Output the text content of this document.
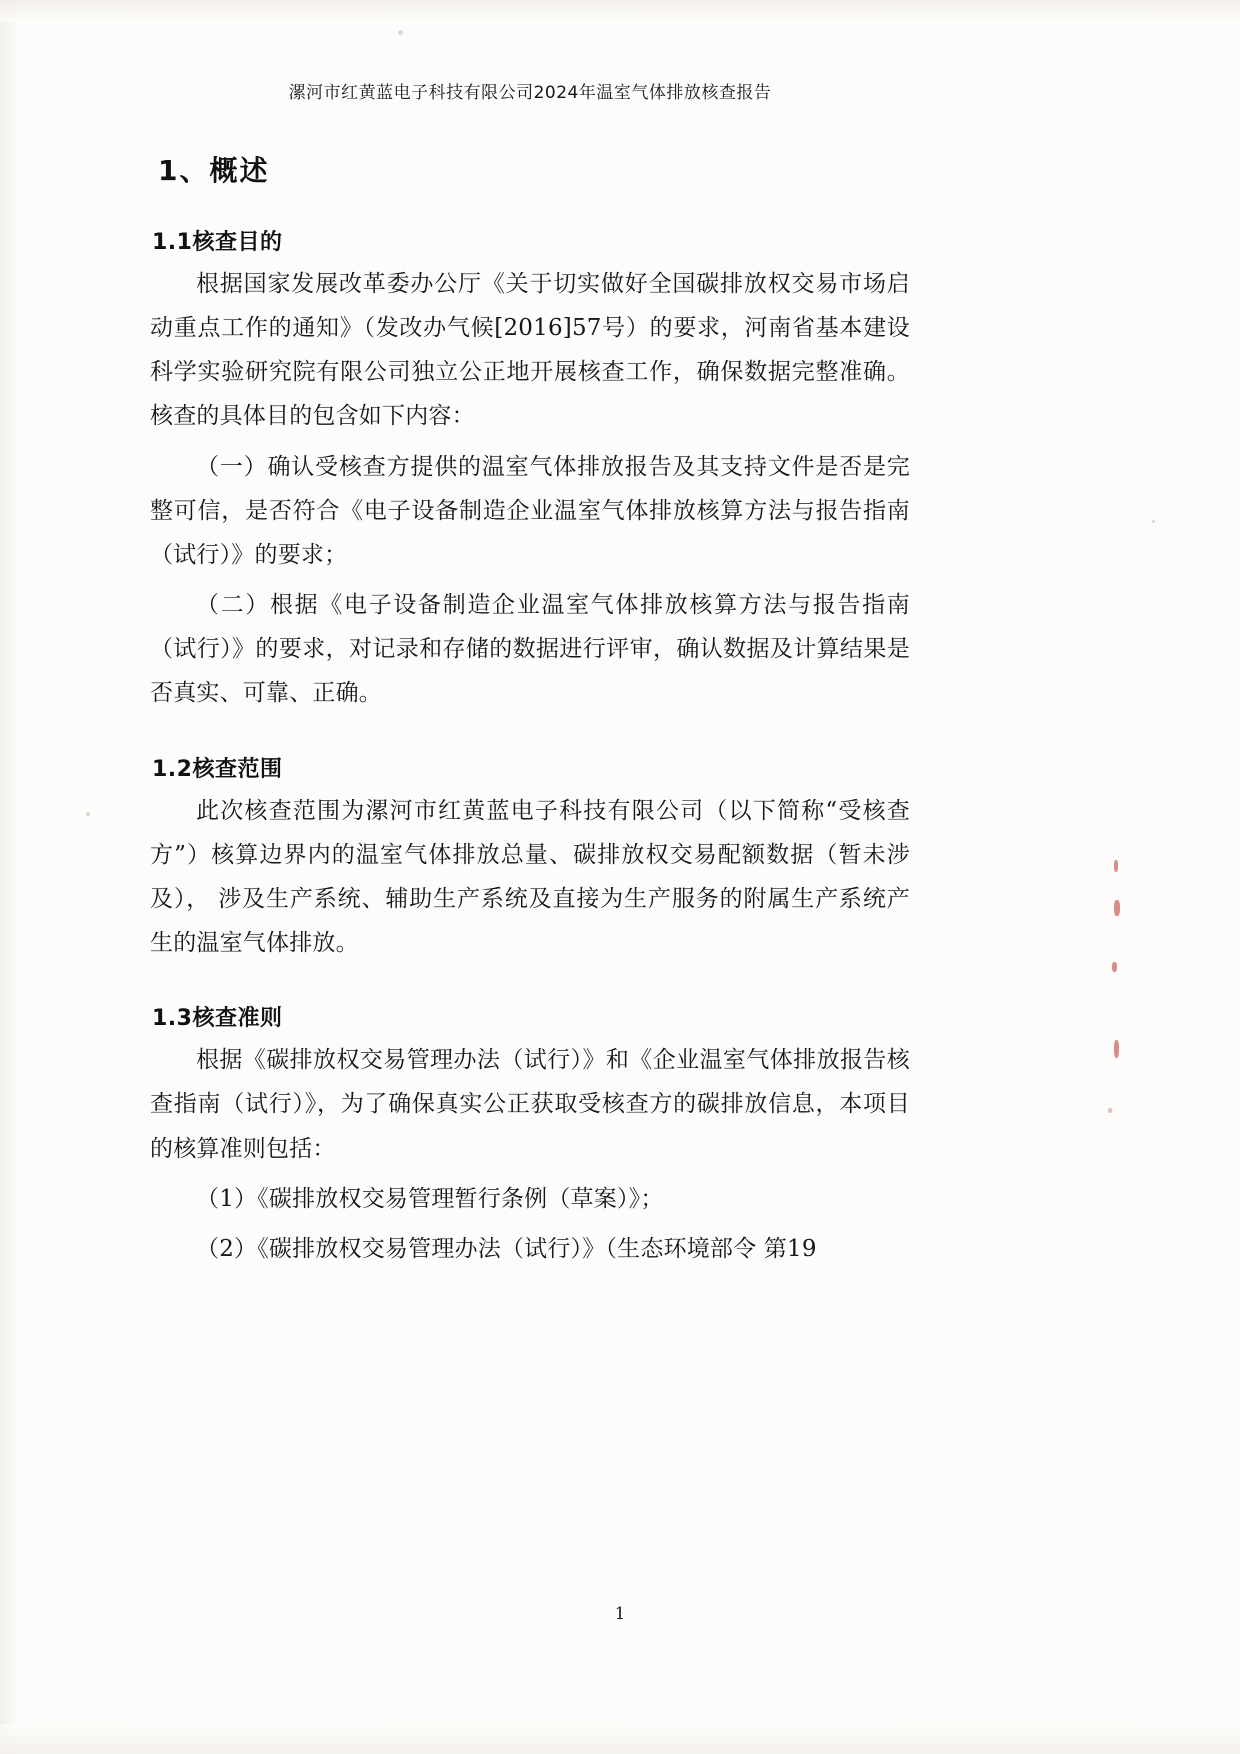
漯河市红黄蓝电子科技有限公司2024年温室气体排放核查报告
1、概述
1.1核查目的

根据国家发展改革委办公厅《关于切实做好全国碳排放权交易市场启动重点工作的通知》（发改办气候[2016]57号）的要求，河南省基本建设科学实验研究院有限公司独立公正地开展核查工作，确保数据完整准确。核查的具体目的包含如下内容：

（一）确认受核查方提供的温室气体排放报告及其支持文件是否是完整可信，是否符合《电子设备制造企业温室气体排放核算方法与报告指南（试行）》的要求；

（二）根据《电子设备制造企业温室气体排放核算方法与报告指南（试行）》的要求，对记录和存储的数据进行评审，确认数据及计算结果是否真实、可靠、正确。

1.2核查范围

此次核查范围为漯河市红黄蓝电子科技有限公司（以下简称“受核查方”）核算边界内的温室气体排放总量、碳排放权交易配额数据（暂未涉及）， 涉及生产系统、辅助生产系统及直接为生产服务的附属生产系统产生的温室气体排放。

1.3核查准则

根据《碳排放权交易管理办法（试行）》和《企业温室气体排放报告核查指南（试行）》，为了确保真实公正获取受核查方的碳排放信息，本项目的核算准则包括：

（1）《碳排放权交易管理暂行条例（草案）》；

（2）《碳排放权交易管理办法（试行）》（生态环境部令 第19

1
